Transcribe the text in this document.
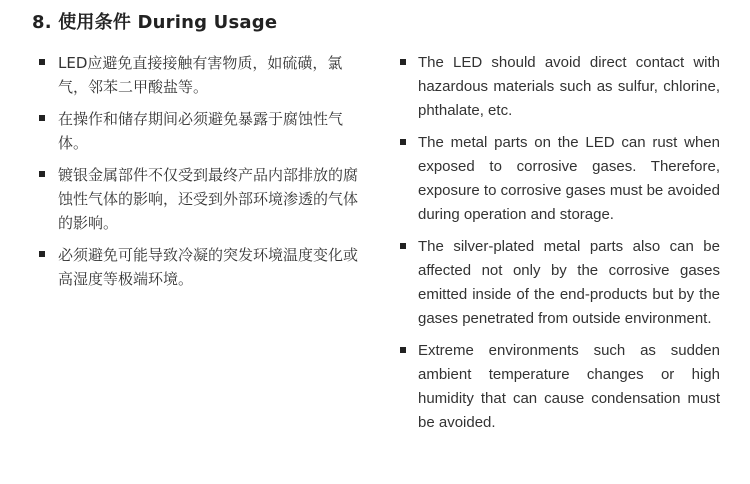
8. 使用条件 During Usage
LED应避免直接接触有害物质，如硫磺，氯气，邻苯二甲酸盐等。
在操作和储存期间必须避免暴露于腐蚀性气体。
镀银金属部件不仅受到最终产品内部排放的腐蚀性气体的影响，还受到外部环境渗透的气体的影响。
必须避免可能导致冷凝的突发环境温度变化或高湿度等极端环境。
The LED should avoid direct contact with hazardous materials such as sulfur, chlorine, phthalate, etc.
The metal parts on the LED can rust when exposed to corrosive gases. Therefore, exposure to corrosive gases must be avoided during operation and storage.
The silver-plated metal parts also can be affected not only by the corrosive gases emitted inside of the end-products but by the gases penetrated from outside environment.
Extreme environments such as sudden ambient temperature changes or high humidity that can cause condensation must be avoided.
